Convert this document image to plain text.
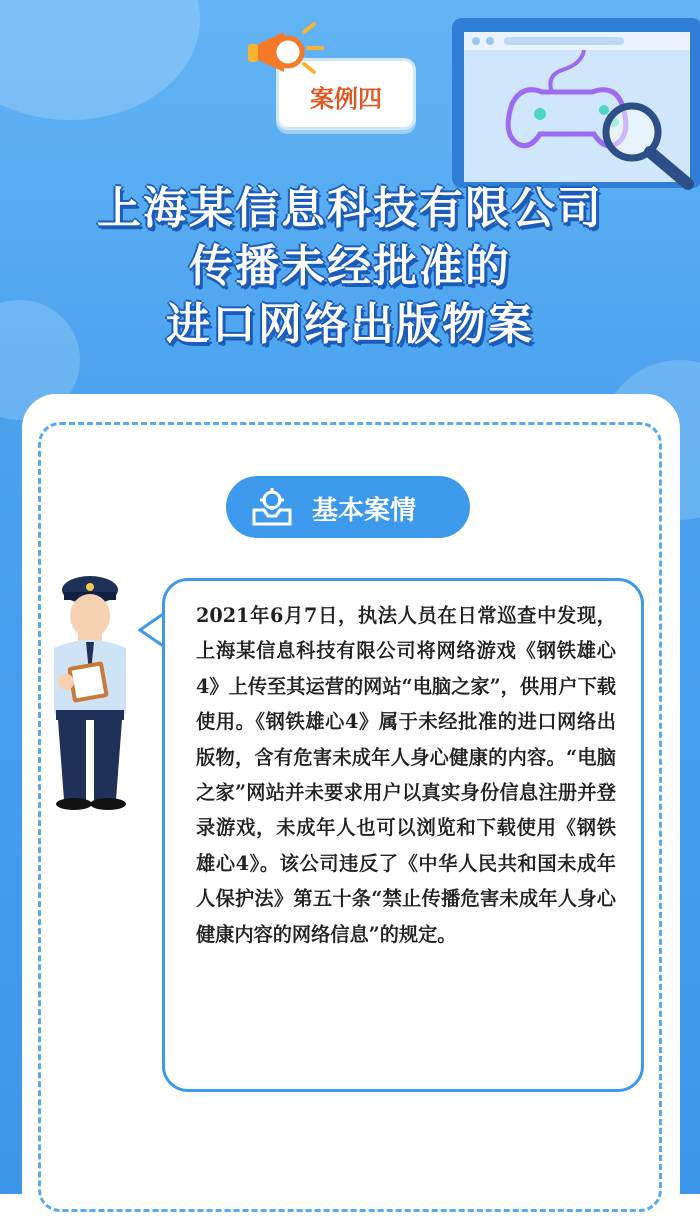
案例四
上海某信息科技有限公司
传播未经批准的
进口网络出版物案
基本案情
2021年6月7日，执法人员在日常巡查中发现，上海某信息科技有限公司将网络游戏《钢铁雄心4》上传至其运营的网站“电脑之家”，供用户下载使用。《钢铁雄心4》属于未经批准的进口网络出版物，含有危害未成年人身心健康的内容。“电脑之家”网站并未要求用户以真实身份信息注册并登录游戏，未成年人也可以浏览和下载使用《钢铁雄心4》。该公司违反了《中华人民共和国未成年人保护法》第五十条“禁止传播危害未成年人身心健康内容的网络信息”的规定。
